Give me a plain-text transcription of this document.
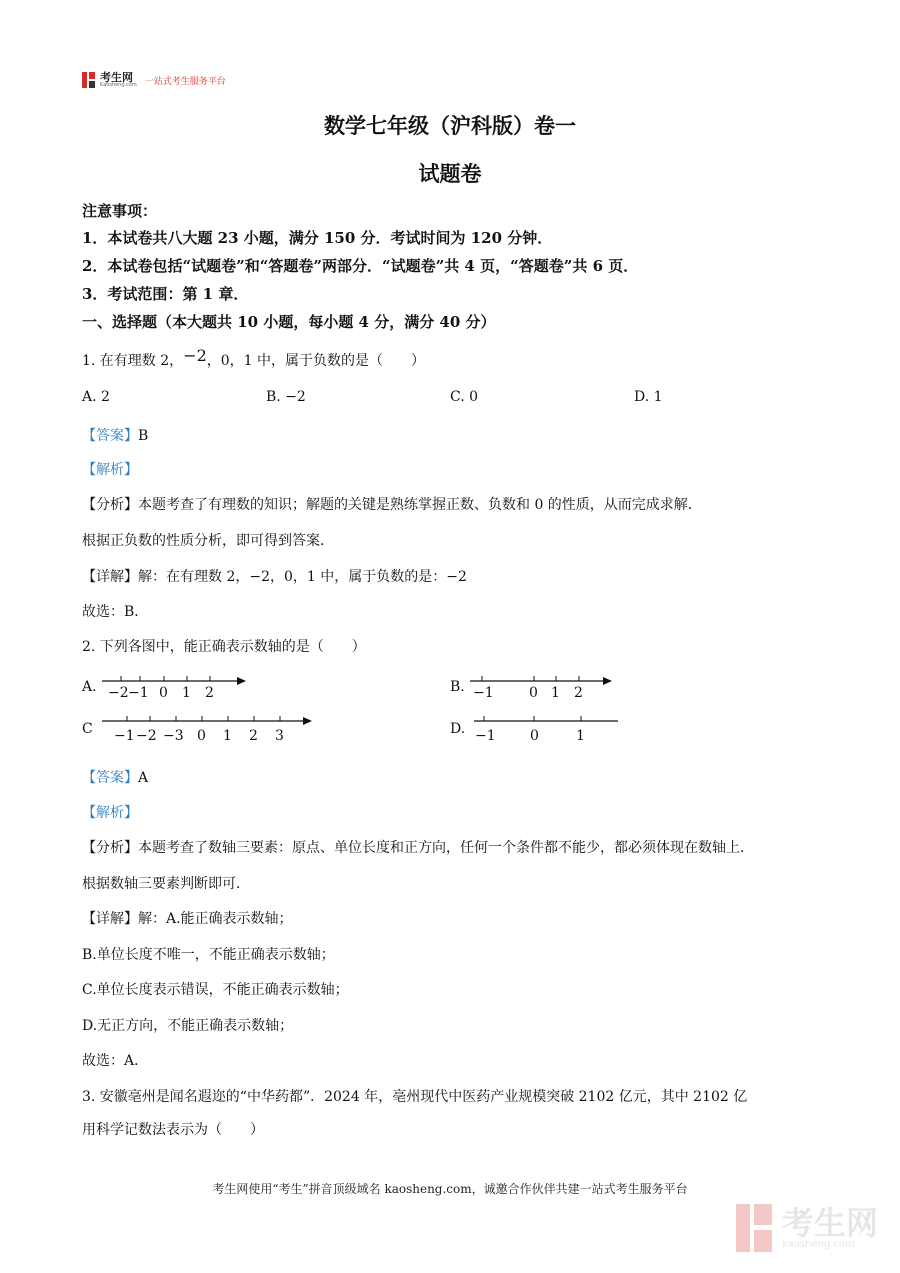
考生网
Kaosheng.com 一站式考生服务平台
数学七年级（沪科版）卷一
试题卷
注意事项：
1．本试卷共八大题 23 小题，满分 150 分．考试时间为 120 分钟．
2．本试卷包括“试题卷”和“答题卷”两部分．“试题卷”共 4 页，“答题卷”共 6 页．
3．考试范围：第 1 章．
一、选择题（本大题共 10 小题，每小题 4 分，满分 40 分）
1. 在有理数 2，−2，0，1 中，属于负数的是（　　）
A. 2	B. −2	C. 0	D. 1
【答案】B
【解析】
【分析】本题考查了有理数的知识；解题的关键是熟练掌握正数、负数和 0 的性质，从而完成求解．
根据正负数的性质分析，即可得到答案．
【详解】解：在有理数 2，−2，0，1 中，属于负数的是：−2
故选：B．
2. 下列各图中，能正确表示数轴的是（　　）
A. −2 −1 0 1 2	B. −1	0 1 2
C −1 −2 −3 0 1 2 3	D. −1 0	1
【答案】A
【解析】
【分析】本题考查了数轴三要素：原点、单位长度和正方向，任何一个条件都不能少，都必须体现在数轴上．
根据数轴三要素判断即可．
【详解】解：A.能正确表示数轴；
B.单位长度不唯一，不能正确表示数轴；
C.单位长度表示错误，不能正确表示数轴；
D.无正方向，不能正确表示数轴；
故选：A．
3. 安徽亳州是闻名遐迩的“中华药都”．2024 年，亳州现代中医药产业规模突破 2102 亿元，其中 2102 亿
用科学记数法表示为（　　）
考生网使用“考生”拼音顶级域名 kaosheng.com，诚邀合作伙伴共建一站式考生服务平台
考生网
kaosheng.com
